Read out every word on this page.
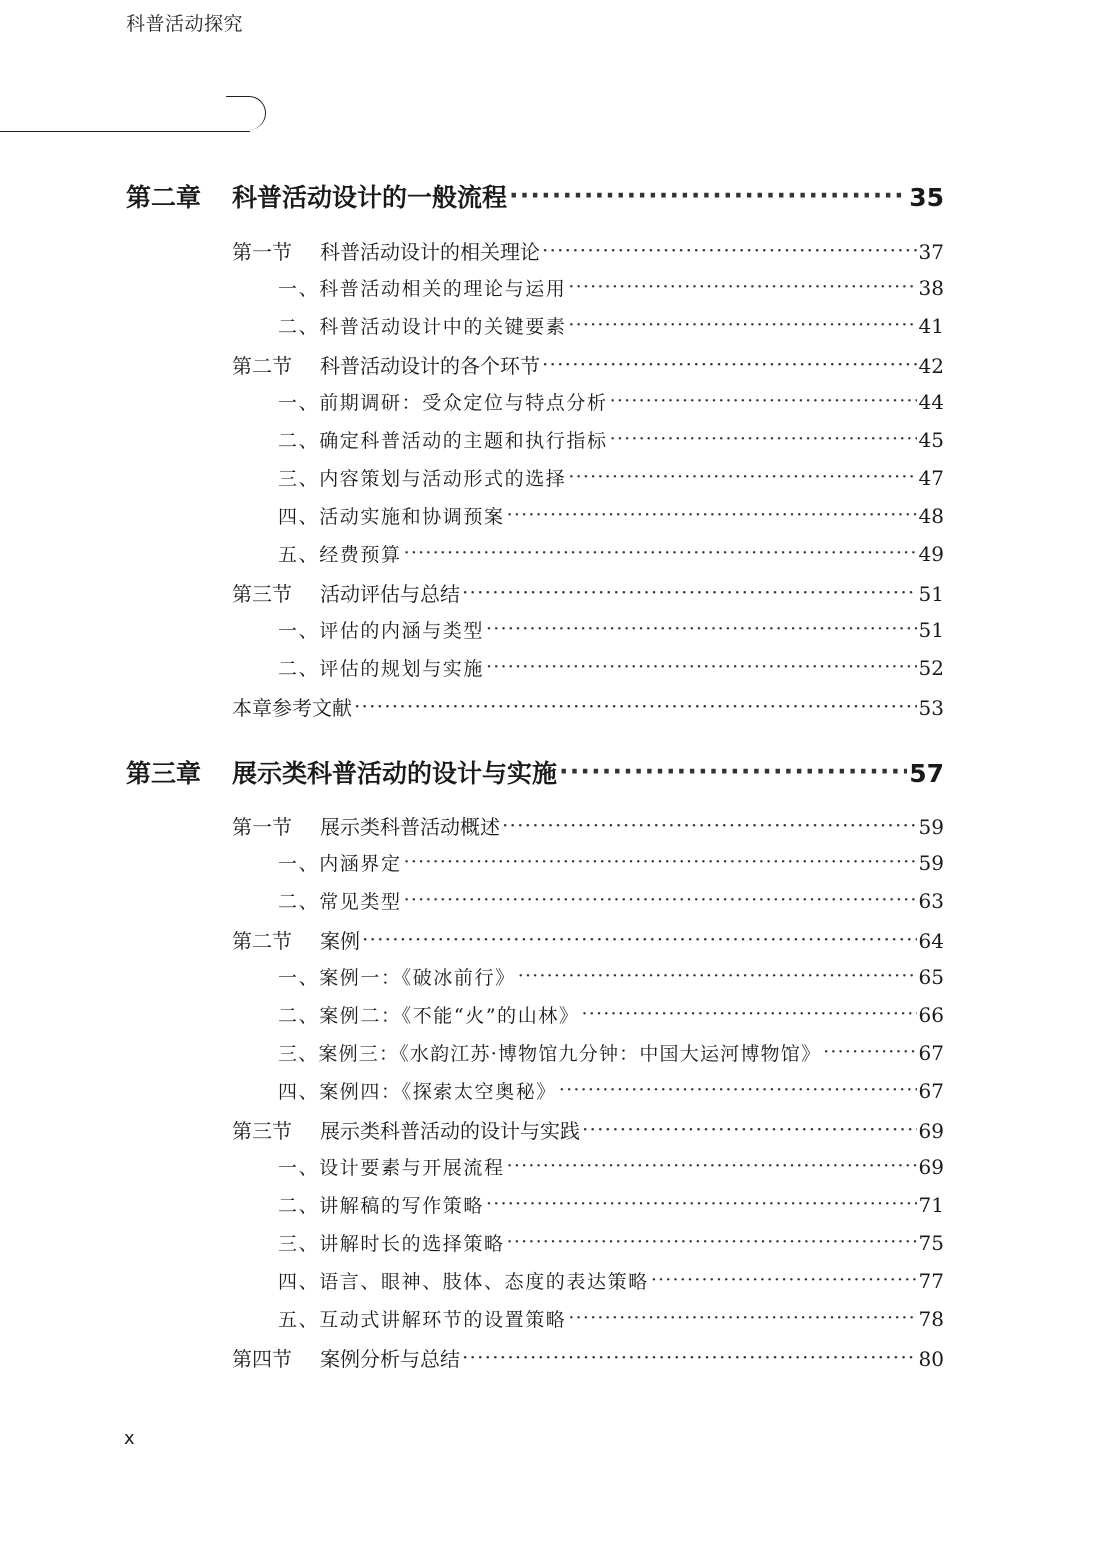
科普活动探究
第二章 科普活动设计的一般流程 ·····	35
第一节 科普活动设计的相关理论 ·····	37
一、科普活动相关的理论与运用 ·····	38
二、科普活动设计中的关键要素 ·····	41
第二节 科普活动设计的各个环节 ·····	42
一、前期调研：受众定位与特点分析 ·····	44
二、确定科普活动的主题和执行指标 ·····	45
三、内容策划与活动形式的选择 ·····	47
四、活动实施和协调预案 ·····	48
五、经费预算 ·····	49
第三节 活动评估与总结 ·····	51
一、评估的内涵与类型 ·····	51
二、评估的规划与实施 ·····	52
本章参考文献 ·····	53
第三章 展示类科普活动的设计与实施 ·····	57
第一节 展示类科普活动概述 ·····	59
一、内涵界定 ·····	59
二、常见类型 ·····	63
第二节 案例 ·····	64
一、案例一：《破冰前行》 ·····	65
二、案例二：《不能“火”的山林》 ·····	66
三、案例三：《水韵江苏·博物馆九分钟：中国大运河博物馆》 ·····	67
四、案例四：《探索太空奥秘》 ·····	67
第三节 展示类科普活动的设计与实践 ·····	69
一、设计要素与开展流程 ·····	69
二、讲解稿的写作策略 ·····	71
三、讲解时长的选择策略 ·····	75
四、语言、眼神、肢体、态度的表达策略 ·····	77
五、互动式讲解环节的设置策略 ·····	78
第四节 案例分析与总结 ·····	80
x
